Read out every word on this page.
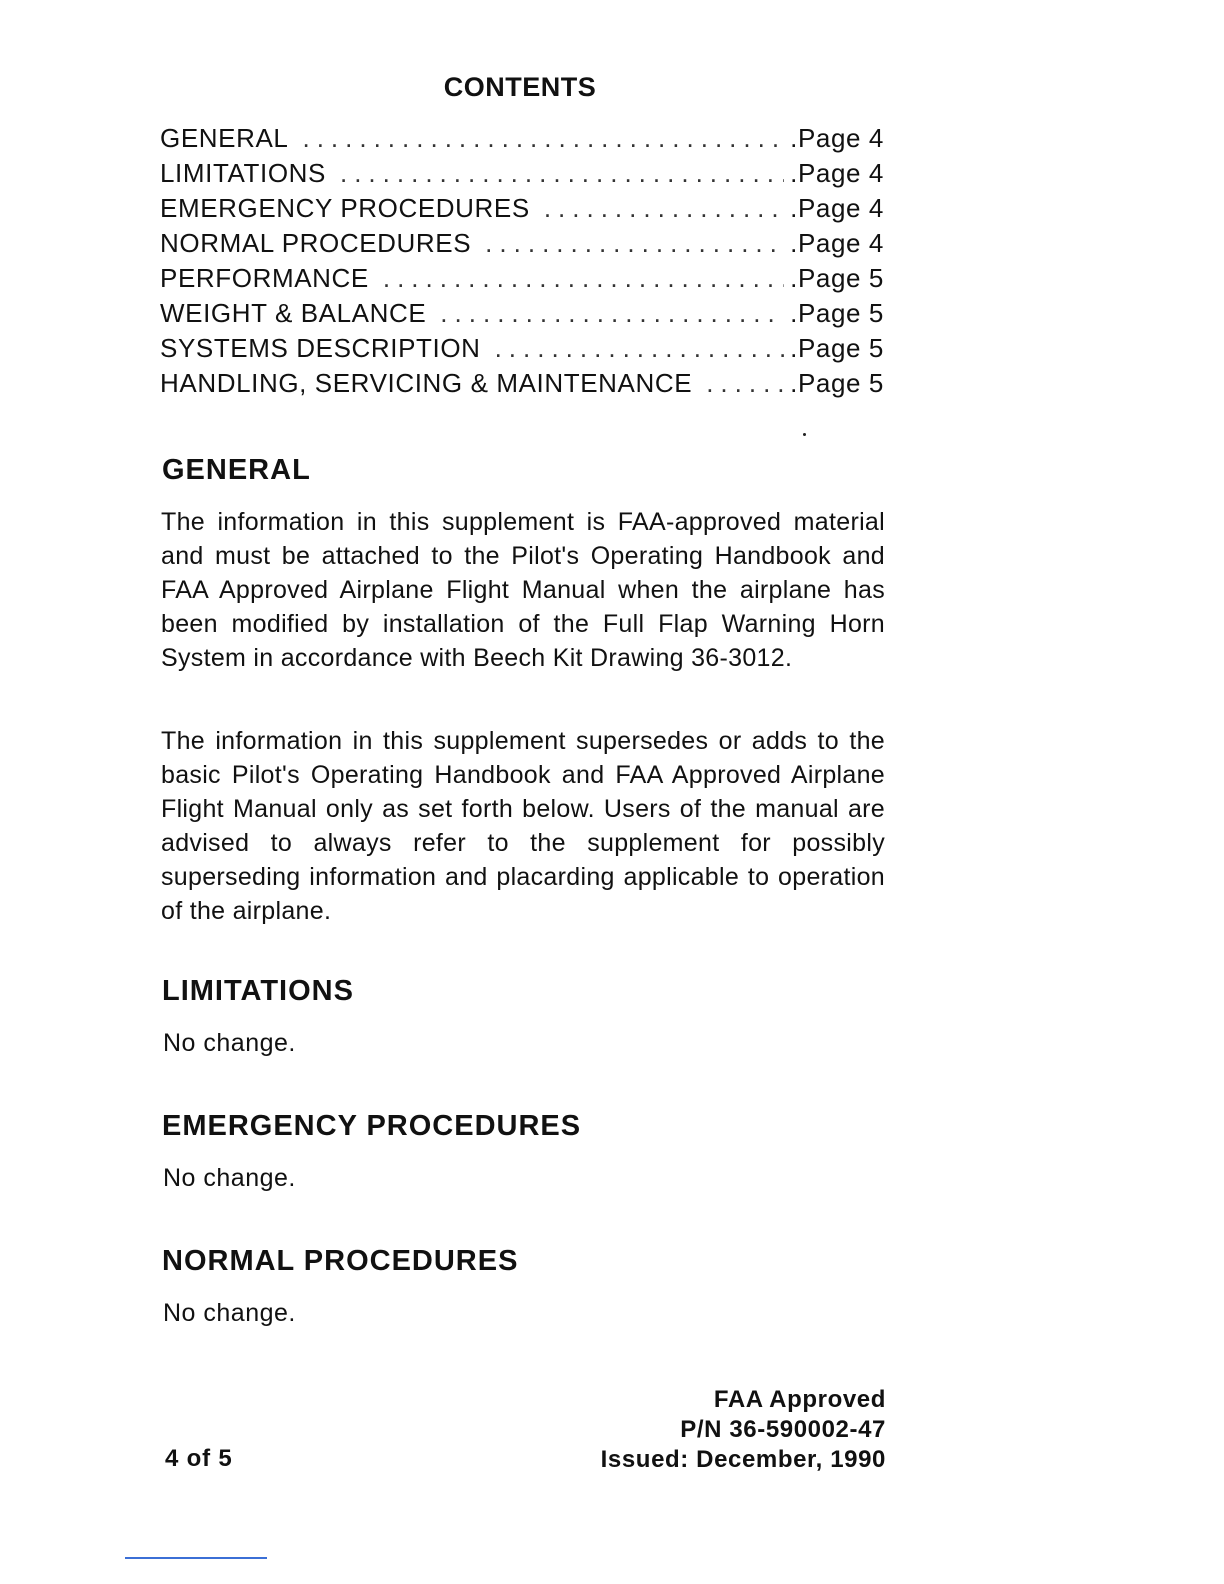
CONTENTS
GENERAL .....	.Page 4
LIMITATIONS .....	.Page 4
EMERGENCY PROCEDURES .....	.Page 4
NORMAL PROCEDURES .....	.Page 4
PERFORMANCE .....	.Page 5
WEIGHT & BALANCE .....	.Page 5
SYSTEMS DESCRIPTION .....	.Page 5
HANDLING, SERVICING & MAINTENANCE .....	.Page 5
GENERAL
The information in this supplement is FAA-approved material and must be attached to the Pilot's Operating Handbook and FAA Approved Airplane Flight Manual when the airplane has been modified by installation of the Full Flap Warning Horn System in accordance with Beech Kit Drawing 36-3012.
The information in this supplement supersedes or adds to the basic Pilot's Operating Handbook and FAA Approved Airplane Flight Manual only as set forth below. Users of the manual are advised to always refer to the supplement for possibly superseding information and placarding applicable to operation of the airplane.
LIMITATIONS
No change.
EMERGENCY PROCEDURES
No change.
NORMAL PROCEDURES
No change.
FAA Approved
P/N 36-590002-47
Issued: December, 1990
4 of 5
